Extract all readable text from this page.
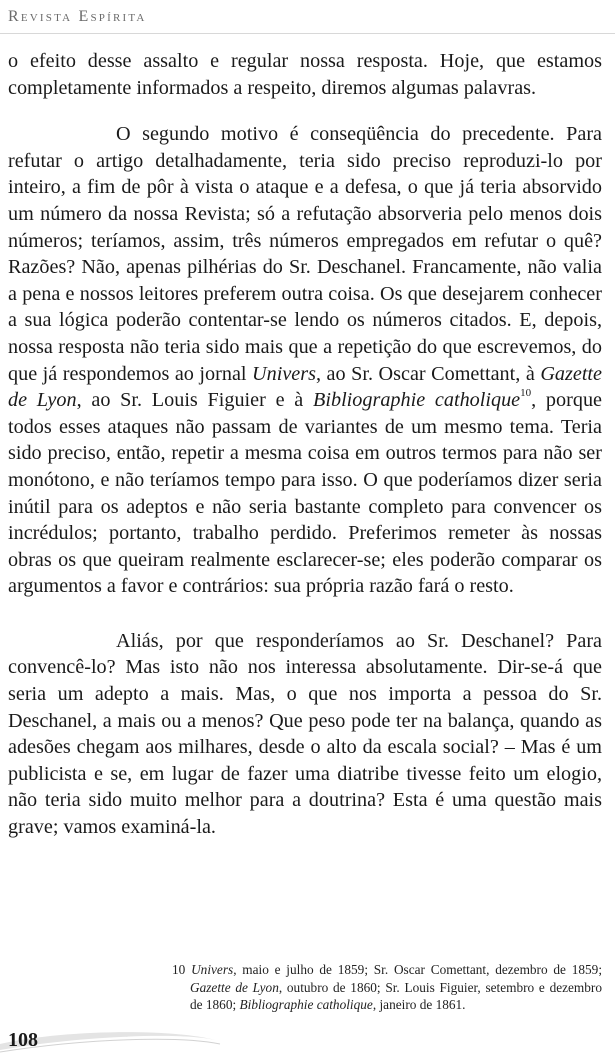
Revista Espírita

o efeito desse assalto e regular nossa resposta. Hoje, que estamos completamente informados a respeito, diremos algumas palavras.

O segundo motivo é conseqüência do precedente. Para refutar o artigo detalhadamente, teria sido preciso reproduzi-lo por inteiro, a fim de pôr à vista o ataque e a defesa, o que já teria absorvido um número da nossa Revista; só a refutação absorveria pelo menos dois números; teríamos, assim, três números empregados em refutar o quê? Razões? Não, apenas pilhérias do Sr. Deschanel. Francamente, não valia a pena e nossos leitores preferem outra coisa. Os que desejarem conhecer a sua lógica poderão contentar-se lendo os números citados. E, depois, nossa resposta não teria sido mais que a repetição do que escrevemos, do que já respondemos ao jornal Univers, ao Sr. Oscar Comettant, à Gazette de Lyon, ao Sr. Louis Figuier e à Bibliographie catholique$^{10}$, porque todos esses ataques não passam de variantes de um mesmo tema. Teria sido preciso, então, repetir a mesma coisa em outros termos para não ser monótono, e não teríamos tempo para isso. O que poderíamos dizer seria inútil para os adeptos e não seria bastante completo para convencer os incrédulos; portanto, trabalho perdido. Preferimos remeter às nossas obras os que queiram realmente esclarecer-se; eles poderão comparar os argumentos a favor e contrários: sua própria razão fará o resto.

Aliás, por que responderíamos ao Sr. Deschanel? Para convencê-lo? Mas isto não nos interessa absolutamente. Dir-se-á que seria um adepto a mais. Mas, o que nos importa a pessoa do Sr. Deschanel, a mais ou a menos? Que peso pode ter na balança, quando as adesões chegam aos milhares, desde o alto da escala social? – Mas é um publicista e se, em lugar de fazer uma diatribe tivesse feito um elogio, não teria sido muito melhor para a doutrina? Esta é uma questão mais grave; vamos examiná-la.

10 Univers, maio e julho de 1859; Sr. Oscar Comettant, dezembro de 1859; Gazette de Lyon, outubro de 1860; Sr. Louis Figuier, setembro e dezembro de 1860; Bibliographie catholique, janeiro de 1861.
108
